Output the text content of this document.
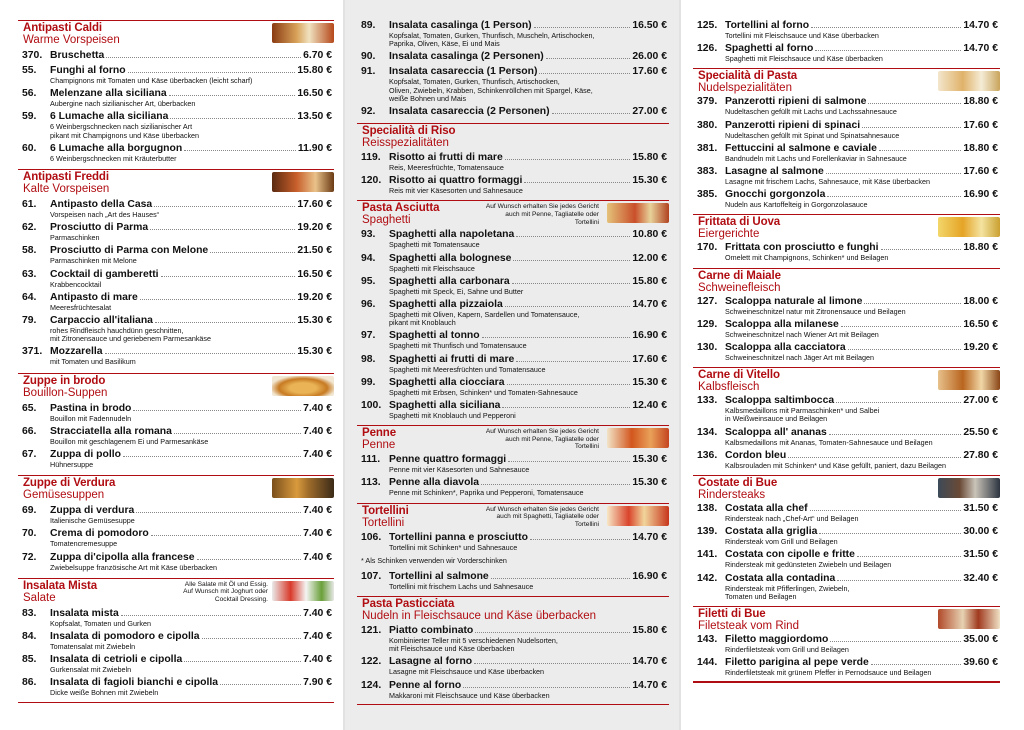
Antipasti Caldi
Warme Vorspeisen
370. Bruschetta	6.70 €
55. Funghi al forno	15.80 €
Champignons mit Tomaten und Käse überbacken (leicht scharf)
56. Melenzane alla siciliana	16.50 €
Aubergine nach sizilianischer Art, überbacken
59. 6 Lumache alla siciliana	13.50 €
6 Weinbergschnecken nach sizilianischer Art
pikant mit Champignons und Käse überbacken
60. 6 Lumache alla borgugnon	11.90 €
6 Weinbergschnecken mit Kräuterbutter
Antipasti Freddi
Kalte Vorspeisen
61. Antipasto della Casa	17.60 €
Vorspeisen nach „Art des Hauses“
62. Prosciutto di Parma	19.20 €
Parmaschinken
58. Prosciutto di Parma con Melone	21.50 €
Parmaschinken mit Melone
63. Cocktail di gamberetti	16.50 €
Krabbencocktail
64. Antipasto di mare	19.20 €
Meeresfrüchtesalat
79. Carpaccio all'italiana	15.30 €
rohes Rindfleisch hauchdünn geschnitten,
mit Zitronensauce und geriebenem Parmesankäse
371. Mozzarella	15.30 €
mit Tomaten und Basilikum
Zuppe in brodo
Bouillon-Suppen
65. Pastina in brodo	7.40 €
Bouillon mit Fadennudeln
66. Stracciatella alla romana	7.40 €
Bouillon mit geschlagenem Ei und Parmesankäse
67. Zuppa di pollo	7.40 €
Hühnersuppe
Zuppe di Verdura
Gemüsesuppen
69. Zuppa di verdura	7.40 €
Italienische Gemüsesuppe
70. Crema di pomodoro	7.40 €
Tomatencremesuppe
72. Zuppa di'cipolla alla francese	7.40 €
Zwiebelsuppe französische Art mit Käse überbacken
Insalata Mista
Salate
Alle Salate mit Öl und Essig.
Auf Wunsch mit Joghurt oder
Cocktail Dressing.
83. Insalata mista	7.40 €
Kopfsalat, Tomaten und Gurken
84. Insalata di pomodoro e cipolla	7.40 €
Tomatensalat mit Zwiebeln
85. Insalata di cetrioli e cipolla	7.40 €
Gurkensalat mit Zwiebeln
86. Insalata di fagioli bianchi e cipolla	7.90 €
Dicke weiße Bohnen mit Zwiebeln
89. Insalata casalinga (1 Person)	16.50 €
Kopfsalat, Tomaten, Gurken, Thunfisch, Muscheln, Artischocken,
Paprika, Oliven, Käse, Ei und Mais
90. Insalata casalinga (2 Personen)	26.00 €
91. Insalata casareccia (1 Person)	17.60 €
Kopfsalat, Tomaten, Gurken, Thunfisch, Artischocken,
Oliven, Zwiebeln, Krabben, Schinkenröllchen mit Spargel, Käse,
weiße Bohnen und Mais
92. Insalata casareccia (2 Personen)	27.00 €
Specialità di Riso
Reisspezialitäten
119. Risotto ai frutti di mare	15.80 €
Reis, Meeresfrüchte, Tomatensauce
120. Risotto ai quattro formaggi	15.30 €
Reis mit vier Käsesorten und Sahnesauce
Pasta Asciutta
Spaghetti
Auf Wunsch erhalten Sie jedes Gericht
auch mit Penne, Tagliatelle oder
Tortellini
93. Spaghetti alla napoletana	10.80 €
Spaghetti mit Tomatensauce
94. Spaghetti alla bolognese	12.00 €
Spaghetti mit Fleischsauce
95. Spaghetti alla carbonara	15.80 €
Spaghetti mit Speck, Ei, Sahne und Butter
96. Spaghetti alla pizzaiola	14.70 €
Spaghetti mit Oliven, Kapern, Sardellen und Tomatensauce,
pikant mit Knoblauch
97. Spaghetti al tonno	16.90 €
Spaghetti mit Thunfisch und Tomatensauce
98. Spaghetti ai frutti di mare	17.60 €
Spaghetti mit Meeresfrüchten und Tomatensauce
99. Spaghetti alla ciocciara	15.30 €
Spaghetti mit Erbsen, Schinken* und Tomaten-Sahnesauce
100. Spaghetti alla siciliana	12.40 €
Spaghetti mit Knoblauch und Pepperoni
Penne
Penne
Auf Wunsch erhalten Sie jedes Gericht
auch mit Penne, Tagliatelle oder
Tortellini
111. Penne quattro formaggi	15.30 €
Penne mit vier Käsesorten und Sahnesauce
113. Penne alla diavola	15.30 €
Penne mit Schinken*, Paprika und Pepperoni, Tomatensauce
Tortellini
Tortellini
Auf Wunsch erhalten Sie jedes Gericht
auch mit Spaghetti, Tagliatelle oder
Tortellini
106. Tortellini panna e prosciutto	14.70 €
Tortellini mit Schinken* und Sahnesauce
* Als Schinken verwenden wir Vorderschinken
107. Tortellini al salmone	16.90 €
Tortellini mit frischem Lachs und Sahnesauce
Pasta Pasticciata
Nudeln in Fleischsauce und Käse überbacken
121. Piatto combinato	15.80 €
Kombinierter Teller mit 5 verschiedenen Nudelsorten,
mit Fleischsauce und Käse überbacken
122. Lasagne al forno	14.70 €
Lasagne mit Fleischsauce und Käse überbacken
124. Penne al forno	14.70 €
Makkaroni mit Fleischsauce und Käse überbacken
125. Tortellini al forno	14.70 €
Tortellini mit Fleischsauce und Käse überbacken
126. Spaghetti al forno	14.70 €
Spaghetti mit Fleischsauce und Käse überbacken
Specialità di Pasta
Nudelspezialitäten
379. Panzerotti ripieni di salmone	18.80 €
Nudeltaschen gefüllt mit Lachs und Lachssahnesauce
380. Panzerotti ripieni di spinaci	17.60 €
Nudeltaschen gefüllt mit Spinat und Spinatsahnesauce
381. Fettuccini al salmone e caviale	18.80 €
Bandnudeln mit Lachs und Forellenkaviar in Sahnesauce
383. Lasagne al salmone	17.60 €
Lasagne mit frischem Lachs, Sahnesauce, mit Käse überbacken
385. Gnocchi gorgonzola	16.90 €
Nudeln aus Kartoffelteig in Gorgonzolasauce
Frittata di Uova
Eiergerichte
170. Frittata con prosciutto e funghi	18.80 €
Omelett mit Champignons, Schinken* und Beilagen
Carne di Maiale
Schweinefleisch
127. Scaloppa naturale al limone	18.00 €
Schweineschnitzel natur mit Zitronensauce und Beilagen
129. Scaloppa alla milanese	16.50 €
Schweineschnitzel nach Wiener Art mit Beilagen
130. Scaloppa alla cacciatora	19.20 €
Schweineschnitzel nach Jäger Art mit Beilagen
Carne di Vitello
Kalbsfleisch
133. Scaloppa saltimbocca	27.00 €
Kalbsmedaillons mit Parmaschinken* und Salbei
in Weißweinsauce und Beilagen
134. Scaloppa all' ananas	25.50 €
Kalbsmedaillons mit Ananas, Tomaten-Sahnesauce und Beilagen
136. Cordon bleu	27.80 €
Kalbsrouladen mit Schinken* und Käse gefüllt, paniert, dazu Beilagen
Costate di Bue
Rindersteaks
138. Costata alla chef	31.50 €
Rindersteak nach „Chef-Art“ und Beilagen
139. Costata alla griglia	30.00 €
Rindersteak vom Grill und Beilagen
141. Costata con cipolle e fritte	31.50 €
Rindersteak mit gedünsteten Zwiebeln und Beilagen
142. Costata alla contadina	32.40 €
Rindersteak mit Pfifferlingen, Zwiebeln,
Tomaten und Beilagen
Filetti di Bue
Filetsteak vom Rind
143. Filetto maggiordomo	35.00 €
Rinderfiletsteak vom Grill und Beilagen
144. Filetto parigina al pepe verde	39.60 €
Rinderfiletsteak mit grünem Pfeffer in Pernodsauce und Beilagen
